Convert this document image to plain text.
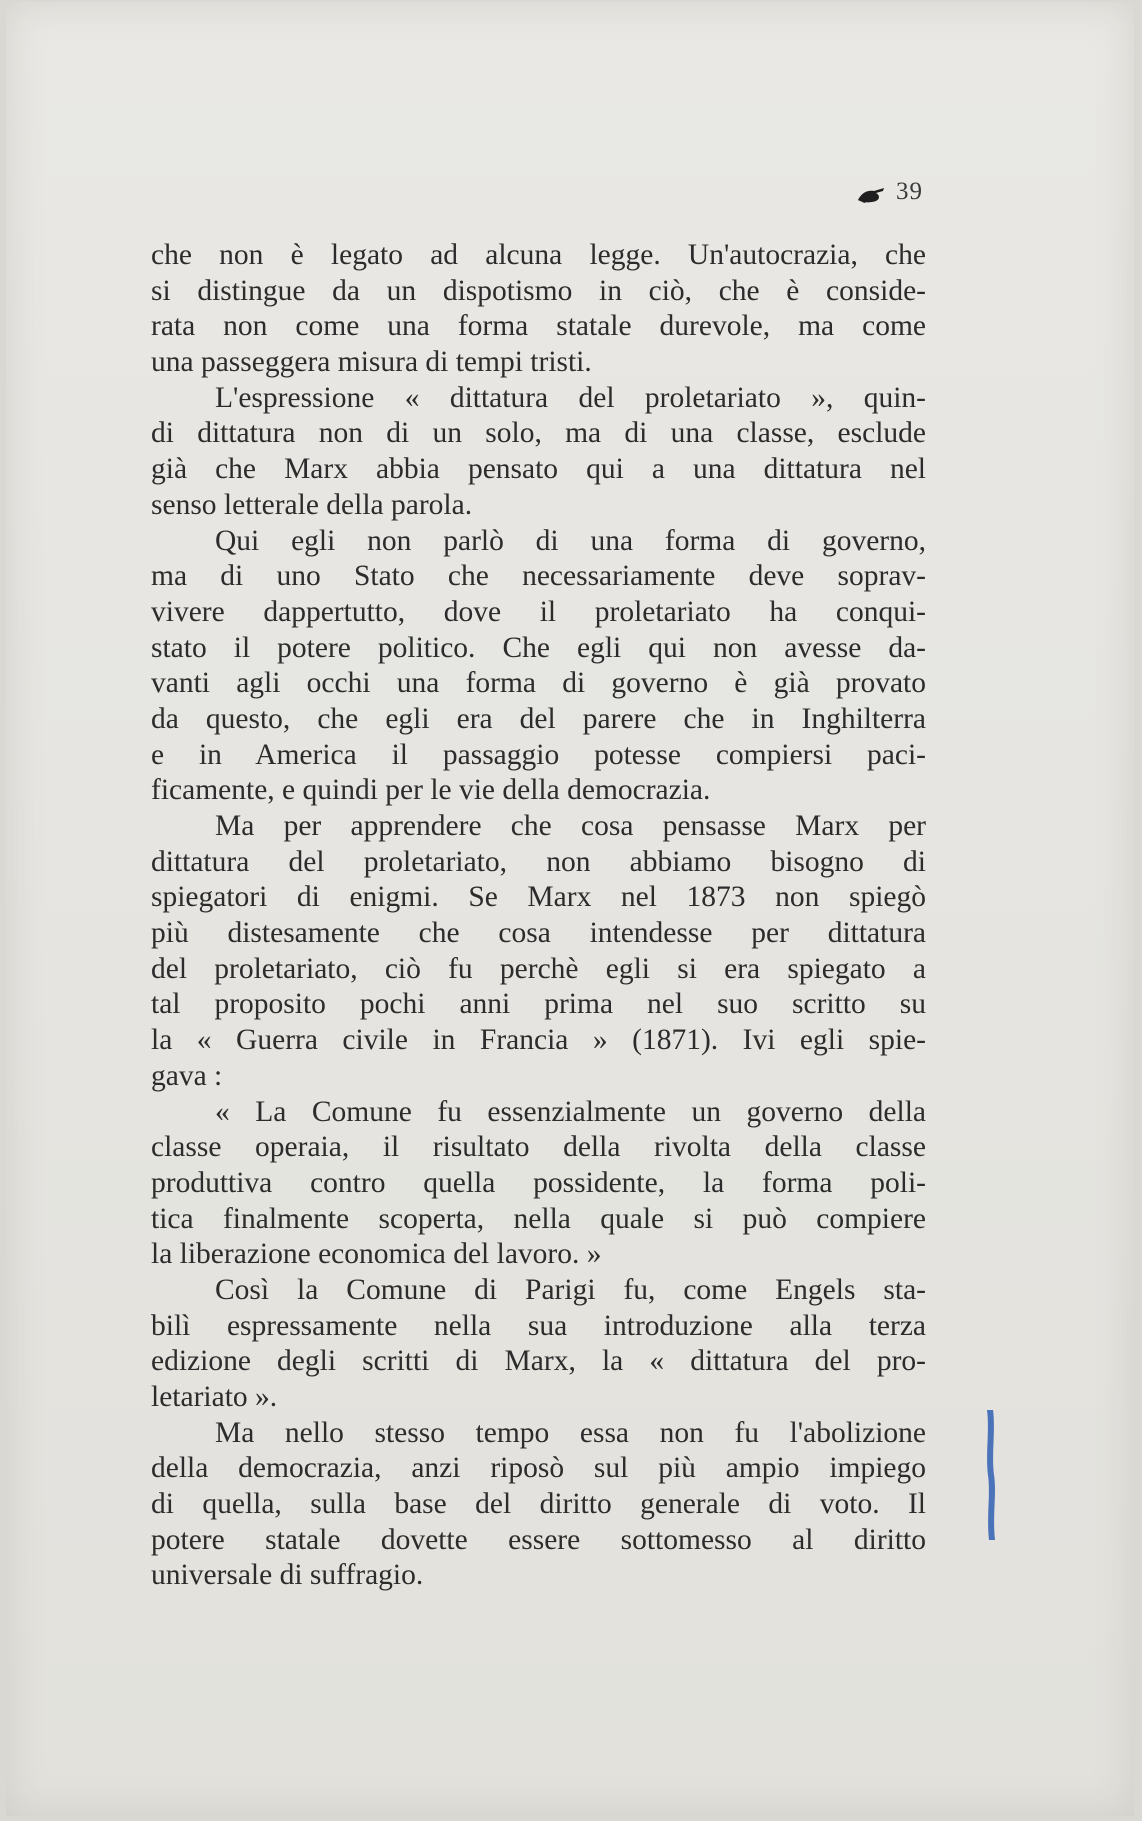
39
che non è legato ad alcuna legge. Un'autocrazia, che
si distingue da un dispotismo in ciò, che è conside-
rata non come una forma statale durevole, ma come
una passeggera misura di tempi tristi.
L'espressione « dittatura del proletariato », quin-
di dittatura non di un solo, ma di una classe, esclude
già che Marx abbia pensato qui a una dittatura nel
senso letterale della parola.
Qui egli non parlò di una forma di governo,
ma di uno Stato che necessariamente deve soprav-
vivere dappertutto, dove il proletariato ha conqui-
stato il potere politico. Che egli qui non avesse da-
vanti agli occhi una forma di governo è già provato
da questo, che egli era del parere che in Inghilterra
e in America il passaggio potesse compiersi paci-
ficamente, e quindi per le vie della democrazia.
Ma per apprendere che cosa pensasse Marx per
dittatura del proletariato, non abbiamo bisogno di
spiegatori di enigmi. Se Marx nel 1873 non spiegò
più distesamente che cosa intendesse per dittatura
del proletariato, ciò fu perchè egli si era spiegato a
tal proposito pochi anni prima nel suo scritto su
la « Guerra civile in Francia » (1871). Ivi egli spie-
gava :
« La Comune fu essenzialmente un governo della
classe operaia, il risultato della rivolta della classe
produttiva contro quella possidente, la forma poli-
tica finalmente scoperta, nella quale si può compiere
la liberazione economica del lavoro. »
Così la Comune di Parigi fu, come Engels sta-
bilì espressamente nella sua introduzione alla terza
edizione degli scritti di Marx, la « dittatura del pro-
letariato ».
Ma nello stesso tempo essa non fu l'abolizione
della democrazia, anzi riposò sul più ampio impiego
di quella, sulla base del diritto generale di voto. Il
potere statale dovette essere sottomesso al diritto
universale di suffragio.
